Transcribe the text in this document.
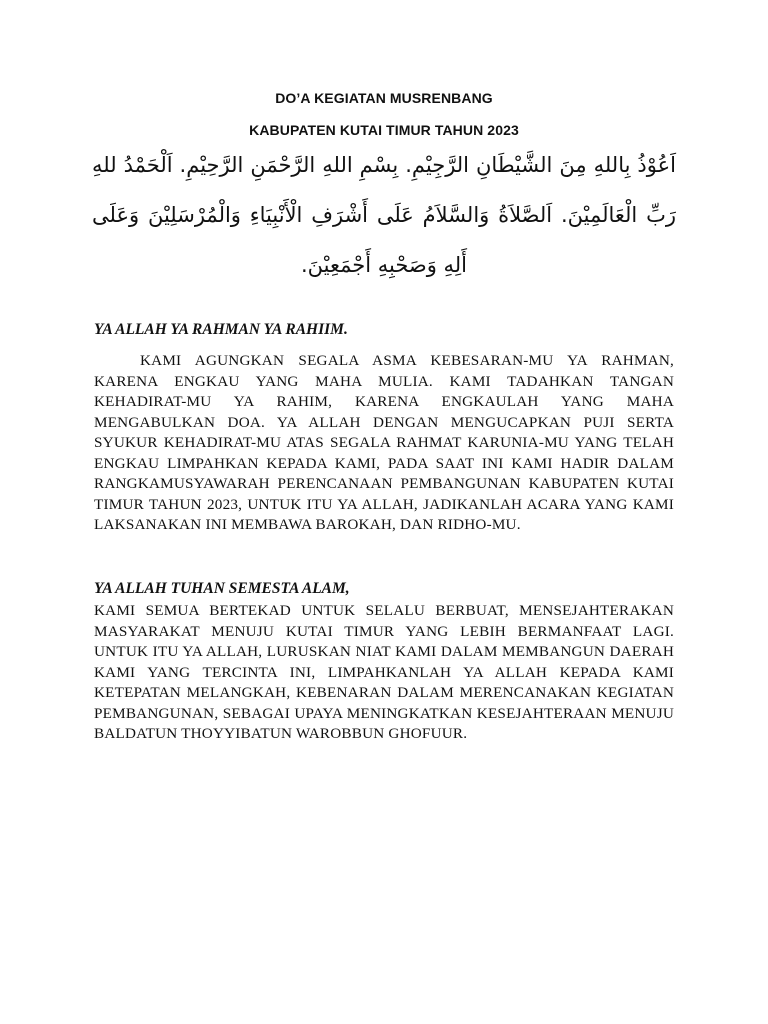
DO’A KEGIATAN MUSRENBANG
KABUPATEN KUTAI TIMUR TAHUN 2023
اَعُوْذُ بِاللهِ مِنَ الشَّيْطَانِ الرَّجِيْمِ. بِسْمِ اللهِ الرَّحْمَنِ الرَّحِيْمِ. اَلْحَمْدُ للهِ رَبِّ الْعَالَمِيْنَ. اَلصَّلاَةُ وَالسَّلاَمُ عَلَى أَشْرَفِ الْأَنْبِيَاءِ وَالْمُرْسَلِيْنَ وَعَلَى أَلِهِ وَصَحْبِهِ أَجْمَعِيْنَ.
YA ALLAH YA RAHMAN YA RAHIIM.
KAMI AGUNGKAN SEGALA ASMA KEBESARAN-MU YA RAHMAN, KARENA ENGKAU YANG MAHA MULIA. KAMI TADAHKAN TANGAN KEHADIRAT-MU YA RAHIM, KARENA ENGKAULAH YANG MAHA MENGABULKAN DOA. YA ALLAH DENGAN MENGUCAPKAN PUJI SERTA SYUKUR KEHADIRAT-MU ATAS SEGALA RAHMAT KARUNIA-MU YANG TELAH ENGKAU LIMPAHKAN KEPADA KAMI, PADA SAAT INI KAMI HADIR DALAM RANGKAMUSYAWARAH PERENCANAAN PEMBANGUNAN KABUPATEN KUTAI TIMUR TAHUN 2023, UNTUK ITU YA ALLAH, JADIKANLAH ACARA YANG KAMI LAKSANAKAN INI MEMBAWA BAROKAH, DAN RIDHO-MU.
YA ALLAH TUHAN SEMESTA ALAM,
KAMI SEMUA BERTEKAD UNTUK SELALU BERBUAT, MENSEJAHTERAKAN MASYARAKAT MENUJU KUTAI TIMUR YANG LEBIH BERMANFAAT LAGI. UNTUK ITU YA ALLAH, LURUSKAN NIAT KAMI DALAM MEMBANGUN DAERAH KAMI YANG TERCINTA INI, LIMPAHKANLAH YA ALLAH KEPADA KAMI KETEPATAN MELANGKAH, KEBENARAN DALAM MERENCANAKAN KEGIATAN PEMBANGUNAN, SEBAGAI UPAYA MENINGKATKAN KESEJAHTERAAN MENUJU BALDATUN THOYYIBATUN WAROBBUN GHOFUUR.
